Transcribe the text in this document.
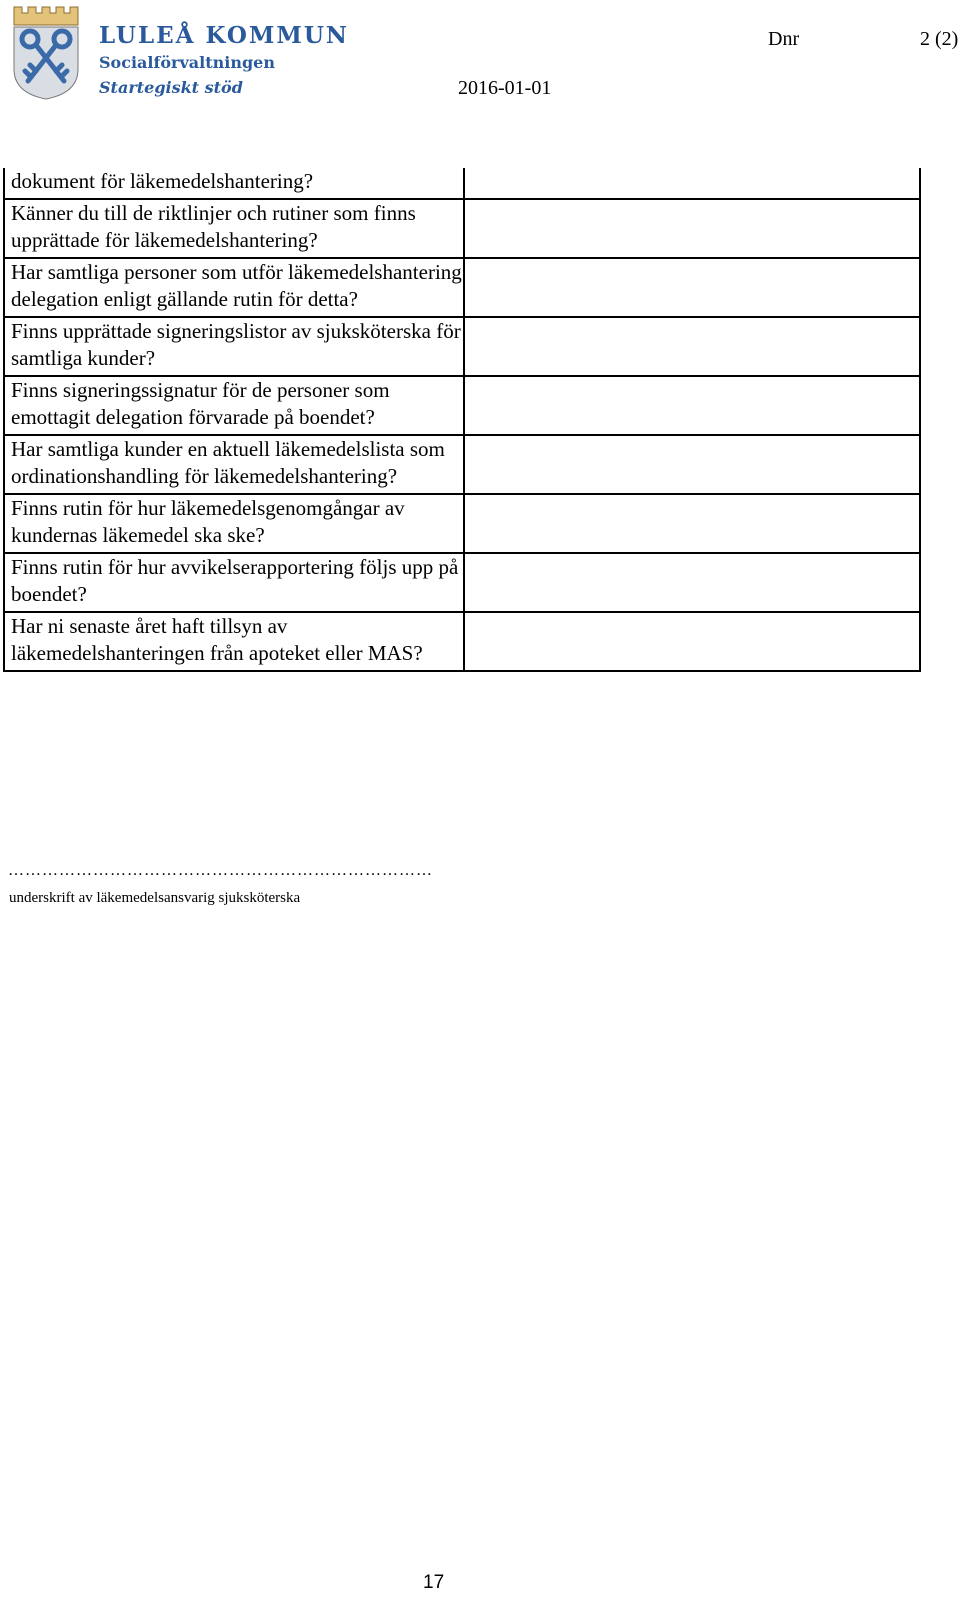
LULEÅ KOMMUN
Socialförvaltningen
Startegiskt stöd
Dnr	2 (2)
2016-01-01
dokument för läkemedelshantering?	
Känner du till de riktlinjer och rutiner som finns upprättade för läkemedelshantering?	
Har samtliga personer som utför läkemedelshantering delegation enligt gällande rutin för detta?	
Finns upprättade signeringslistor av sjuksköterska för samtliga kunder?	
Finns signeringssignatur för de personer som emottagit delegation förvarade på boendet?	
Har samtliga kunder en aktuell läkemedelslista som ordinationshandling för läkemedelshantering?	
Finns rutin för hur läkemedelsgenomgångar av kundernas läkemedel ska ske?	
Finns rutin för hur avvikelserapportering följs upp på boendet?	
Har ni senaste året haft tillsyn av läkemedelshanteringen från apoteket eller MAS?	
…………………………………………………………………
underskrift av läkemedelsansvarig sjuksköterska
17
